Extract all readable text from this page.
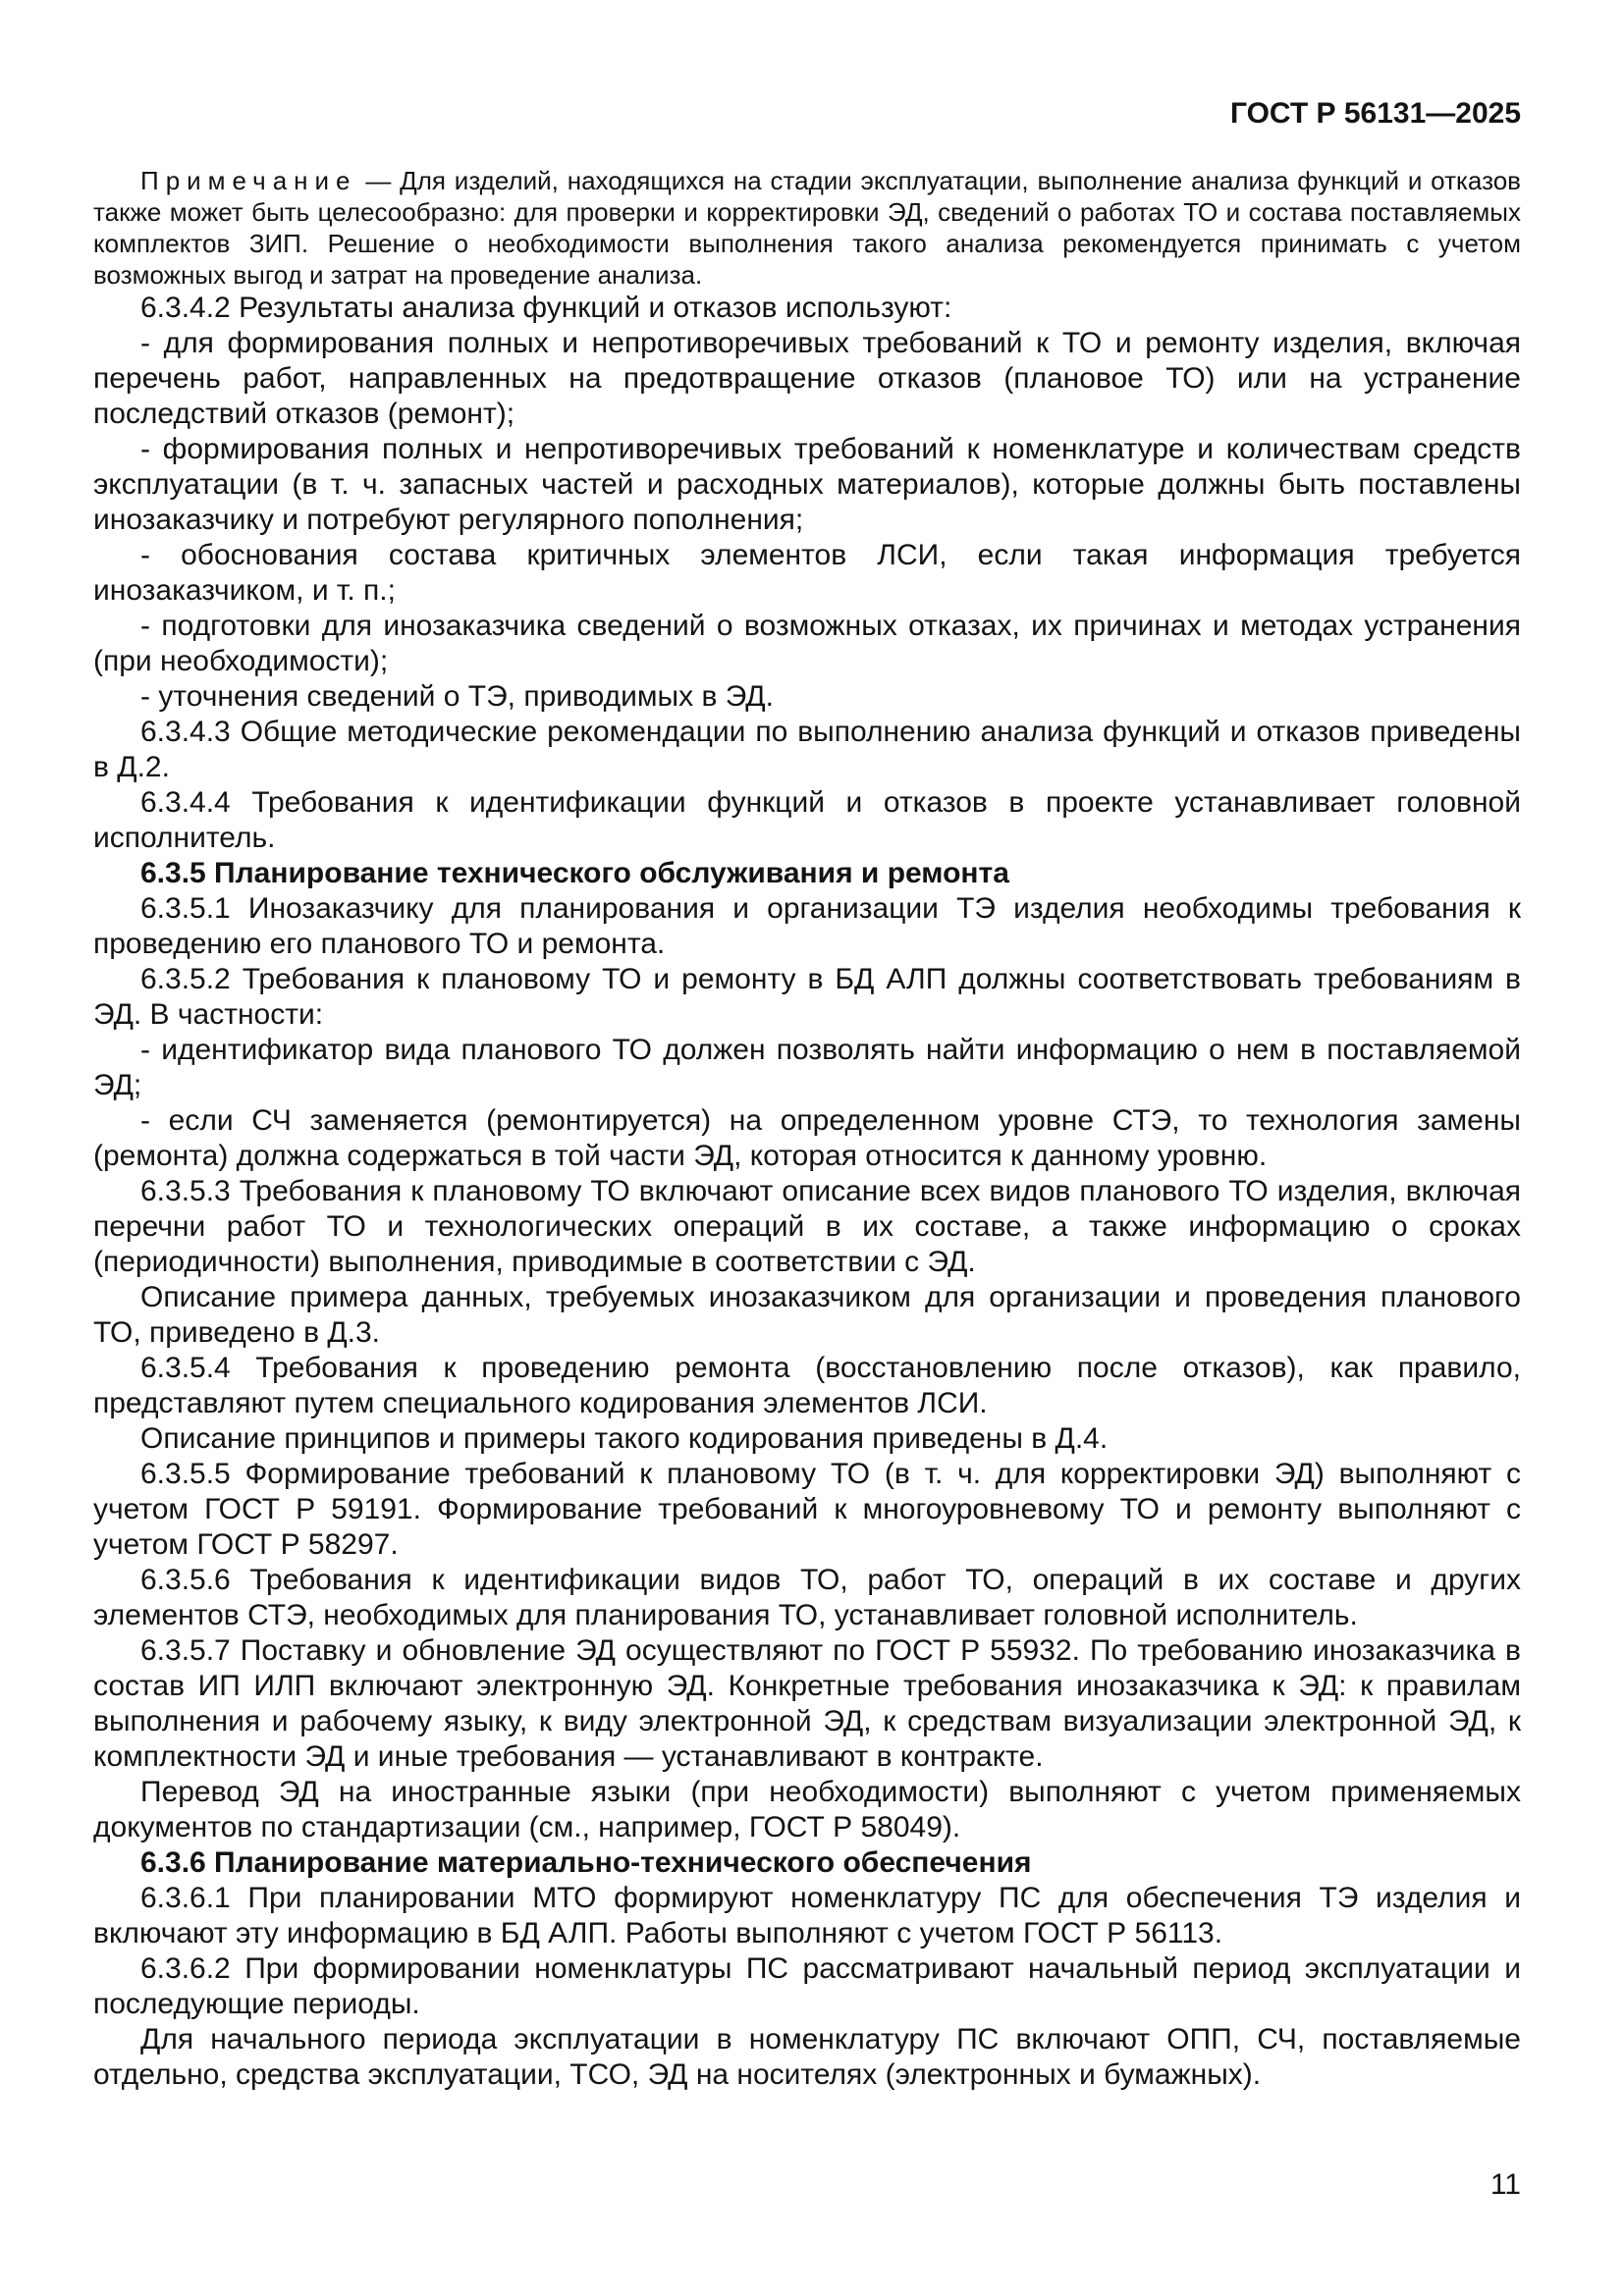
ГОСТ Р 56131—2025

Примечание — Для изделий, находящихся на стадии эксплуатации, выполнение анализа функций и отказов также может быть целесообразно: для проверки и корректировки ЭД, сведений о работах ТО и состава поставляемых комплектов ЗИП. Решение о необходимости выполнения такого анализа рекомендуется принимать с учетом возможных выгод и затрат на проведение анализа.

6.3.4.2 Результаты анализа функций и отказов используют:

- для формирования полных и непротиворечивых требований к ТО и ремонту изделия, включая перечень работ, направленных на предотвращение отказов (плановое ТО) или на устранение последствий отказов (ремонт);

- формирования полных и непротиворечивых требований к номенклатуре и количествам средств эксплуатации (в т. ч. запасных частей и расходных материалов), которые должны быть поставлены инозаказчику и потребуют регулярного пополнения;

- обоснования состава критичных элементов ЛСИ, если такая информация требуется инозаказчиком, и т. п.;

- подготовки для инозаказчика сведений о возможных отказах, их причинах и методах устранения (при необходимости);

- уточнения сведений о ТЭ, приводимых в ЭД.

6.3.4.3 Общие методические рекомендации по выполнению анализа функций и отказов приведены в Д.2.

6.3.4.4 Требования к идентификации функций и отказов в проекте устанавливает головной исполнитель.

6.3.5 Планирование технического обслуживания и ремонта

6.3.5.1 Инозаказчику для планирования и организации ТЭ изделия необходимы требования к проведению его планового ТО и ремонта.

6.3.5.2 Требования к плановому ТО и ремонту в БД АЛП должны соответствовать требованиям в ЭД. В частности:

- идентификатор вида планового ТО должен позволять найти информацию о нем в поставляемой ЭД;

- если СЧ заменяется (ремонтируется) на определенном уровне СТЭ, то технология замены (ремонта) должна содержаться в той части ЭД, которая относится к данному уровню.

6.3.5.3 Требования к плановому ТО включают описание всех видов планового ТО изделия, включая перечни работ ТО и технологических операций в их составе, а также информацию о сроках (периодичности) выполнения, приводимые в соответствии с ЭД.

Описание примера данных, требуемых инозаказчиком для организации и проведения планового ТО, приведено в Д.3.

6.3.5.4 Требования к проведению ремонта (восстановлению после отказов), как правило, представляют путем специального кодирования элементов ЛСИ.

Описание принципов и примеры такого кодирования приведены в Д.4.

6.3.5.5 Формирование требований к плановому ТО (в т. ч. для корректировки ЭД) выполняют с учетом ГОСТ Р 59191. Формирование требований к многоуровневому ТО и ремонту выполняют с учетом ГОСТ Р 58297.

6.3.5.6 Требования к идентификации видов ТО, работ ТО, операций в их составе и других элементов СТЭ, необходимых для планирования ТО, устанавливает головной исполнитель.

6.3.5.7 Поставку и обновление ЭД осуществляют по ГОСТ Р 55932. По требованию инозаказчика в состав ИП ИЛП включают электронную ЭД. Конкретные требования инозаказчика к ЭД: к правилам выполнения и рабочему языку, к виду электронной ЭД, к средствам визуализации электронной ЭД, к комплектности ЭД и иные требования — устанавливают в контракте.

Перевод ЭД на иностранные языки (при необходимости) выполняют с учетом применяемых документов по стандартизации (см., например, ГОСТ Р 58049).

6.3.6 Планирование материально-технического обеспечения

6.3.6.1 При планировании МТО формируют номенклатуру ПС для обеспечения ТЭ изделия и включают эту информацию в БД АЛП. Работы выполняют с учетом ГОСТ Р 56113.

6.3.6.2 При формировании номенклатуры ПС рассматривают начальный период эксплуатации и последующие периоды.

Для начального периода эксплуатации в номенклатуру ПС включают ОПП, СЧ, поставляемые отдельно, средства эксплуатации, ТСО, ЭД на носителях (электронных и бумажных).

11
